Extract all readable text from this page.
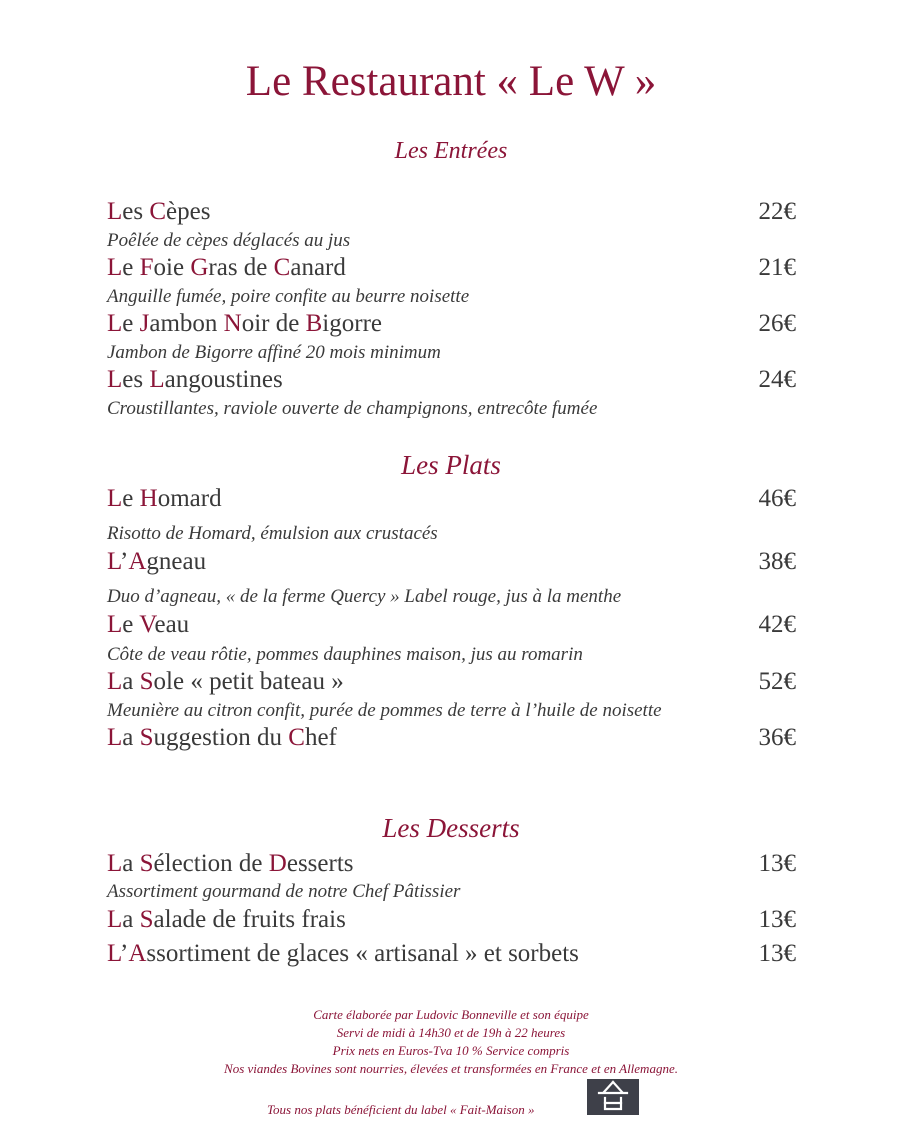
Le Restaurant « Le W »
Les Entrées
Les Cèpes	22€
Poêlée de cèpes déglacés au jus
Le Foie Gras de Canard	21€
Anguille fumée, poire confite au beurre noisette
Le Jambon Noir de Bigorre	26€
Jambon de Bigorre affiné 20 mois minimum
Les Langoustines	24€
Croustillantes, raviole ouverte de champignons, entrecôte fumée
Les Plats
Le Homard	46€
Risotto de Homard, émulsion aux crustacés
L’Agneau	38€
Duo d’agneau, « de la ferme Quercy » Label rouge, jus à la menthe
Le Veau	42€
Côte de veau rôtie, pommes dauphines maison, jus au romarin
La Sole « petit bateau »	52€
Meunière au citron confit, purée de pommes de terre à l’huile de noisette
La Suggestion du Chef	36€
Les Desserts
La Sélection de Desserts	13€
Assortiment gourmand de notre Chef Pâtissier
La Salade de fruits frais	13€
L’Assortiment de glaces « artisanal » et sorbets	13€
Carte élaborée par Ludovic Bonneville et son équipe
Servi de midi à 14h30 et de 19h à 22 heures
Prix nets en Euros-Tva 10 % Service compris
Nos viandes Bovines sont nourries, élevées et transformées en France et en Allemagne.
Tous nos plats bénéficient du label « Fait-Maison »
